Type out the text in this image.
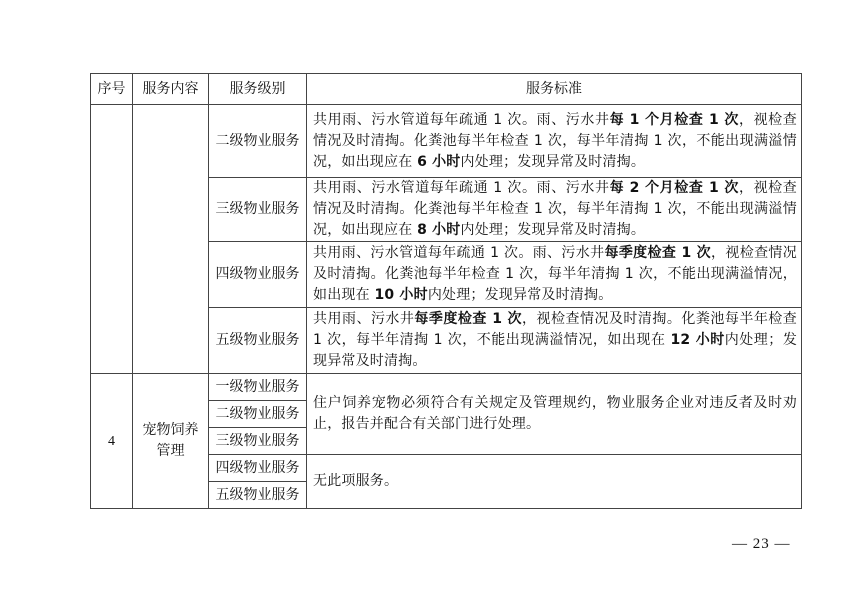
序号	服务内容	服务级别	服务标准
		二级物业服务	共用雨、污水管道每年疏通 1 次。雨、污水井每 1 个月检查 1 次，视检查情况及时清掏。化粪池每半年检查 1 次，每半年清掏 1 次，不能出现满溢情况，如出现应在 6 小时内处理；发现异常及时清掏。
		三级物业服务	共用雨、污水管道每年疏通 1 次。雨、污水井每 2 个月检查 1 次，视检查情况及时清掏。化粪池每半年检查 1 次，每半年清掏 1 次，不能出现满溢情况，如出现应在 8 小时内处理；发现异常及时清掏。
		四级物业服务	共用雨、污水管道每年疏通 1 次。雨、污水井每季度检查 1 次，视检查情况及时清掏。化粪池每半年检查 1 次，每半年清掏 1 次，不能出现满溢情况，如出现在 10 小时内处理；发现异常及时清掏。
		五级物业服务	共用雨、污水井每季度检查 1 次，视检查情况及时清掏。化粪池每半年检查 1 次，每半年清掏 1 次，不能出现满溢情况，如出现在 12 小时内处理；发现异常及时清掏。
4	宠物饲养管理	一级物业服务	住户饲养宠物必须符合有关规定及管理规约，物业服务企业对违反者及时劝止，报告并配合有关部门进行处理。
		二级物业服务	
		三级物业服务	
		四级物业服务	无此项服务。
		五级物业服务	
— 23 —
